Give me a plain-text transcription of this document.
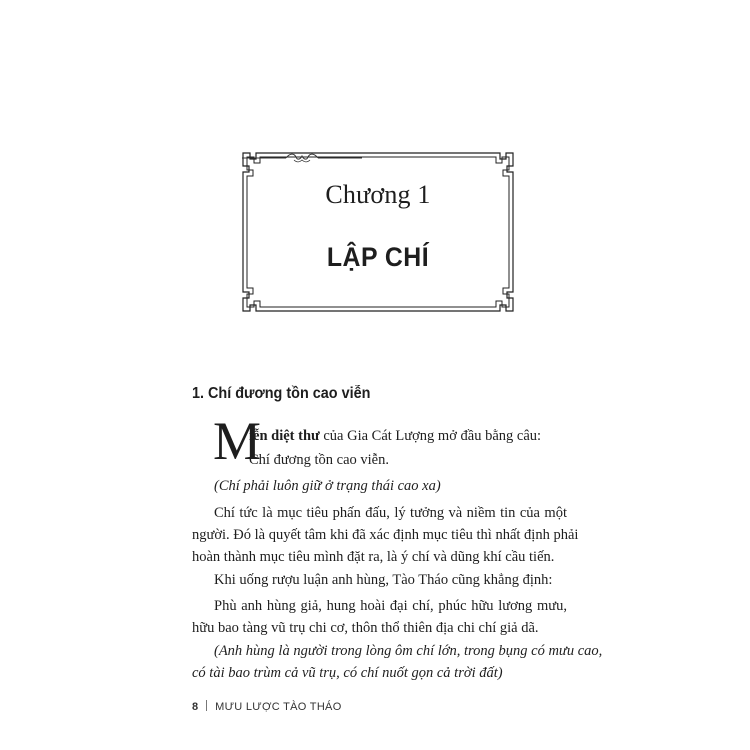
Chương 1
LẬP CHÍ
1. Chí đương tồn cao viễn
M
iễn diệt thư của Gia Cát Lượng mở đầu bằng câu:
Chí đương tồn cao viễn.
(Chí phải luôn giữ ở trạng thái cao xa)
Chí tức là mục tiêu phấn đấu, lý tưởng và niềm tin của một
người. Đó là quyết tâm khi đã xác định mục tiêu thì nhất định phải
hoàn thành mục tiêu mình đặt ra, là ý chí và dũng khí cầu tiến.
Khi uống rượu luận anh hùng, Tào Tháo cũng khẳng định:
Phù anh hùng giả, hung hoài đại chí, phúc hữu lương mưu,
hữu bao tàng vũ trụ chi cơ, thôn thổ thiên địa chi chí giả dã.
(Anh hùng là người trong lòng ôm chí lớn, trong bụng có mưu cao,
có tài bao trùm cả vũ trụ, có chí nuốt gọn cả trời đất)
8 MƯU LƯỢC TÀO THÁO
